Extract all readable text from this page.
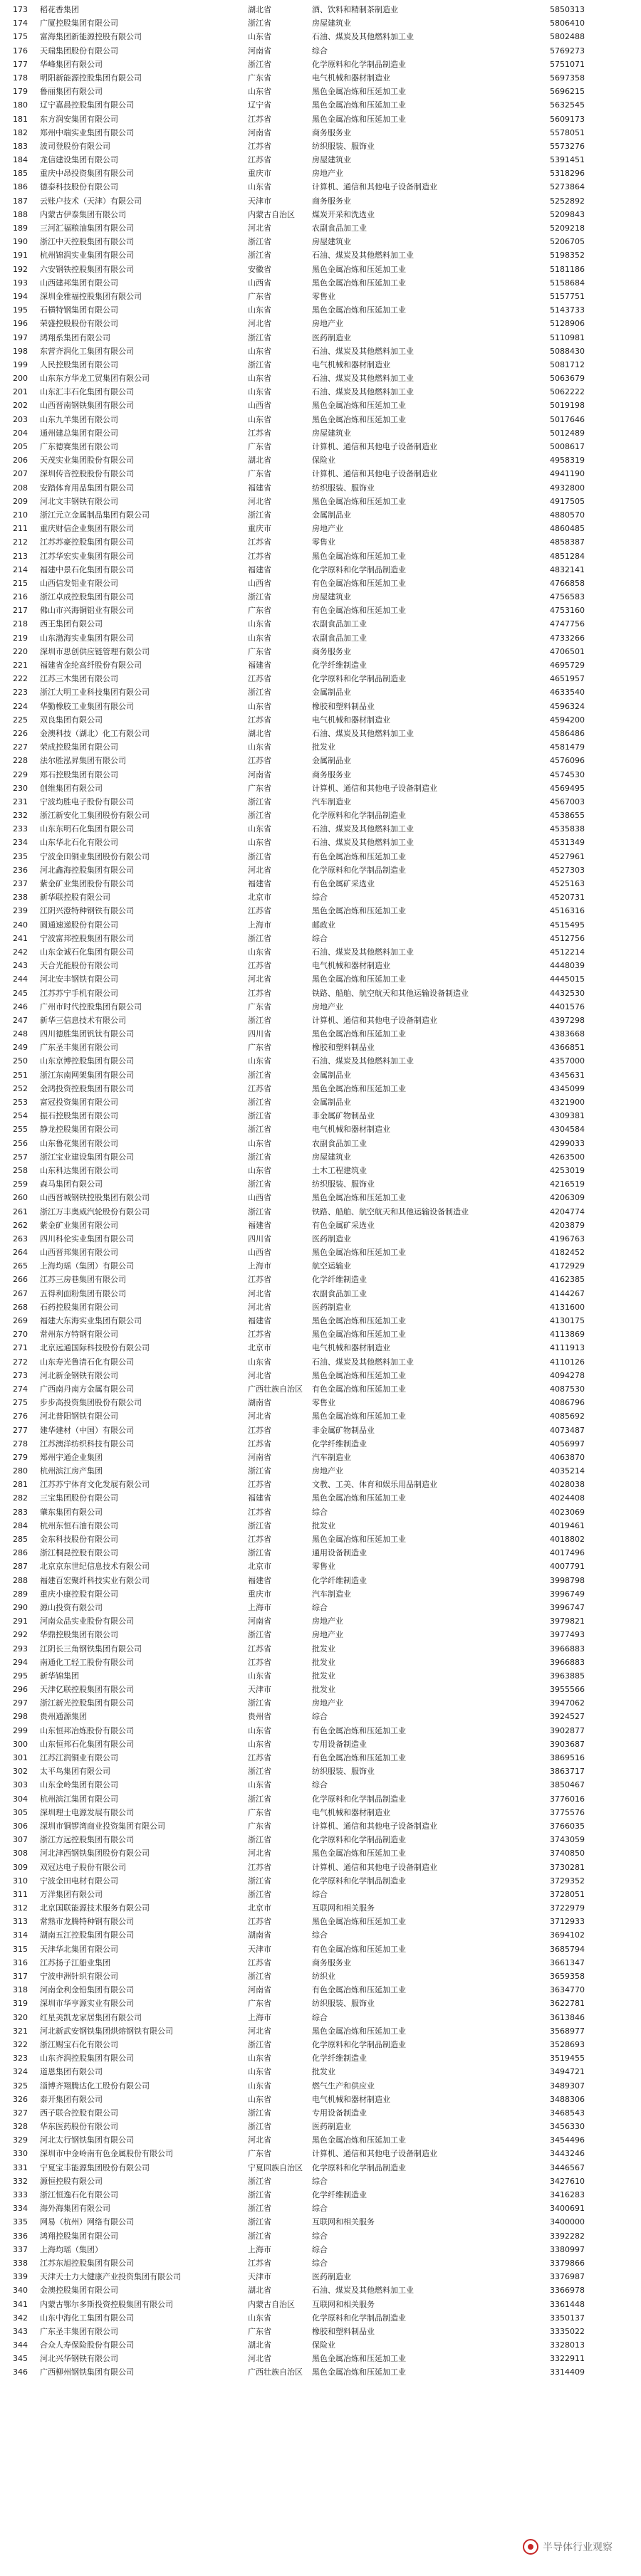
173	稻花香集团	湖北省	酒、饮料和精制茶制造业	5850313
174	广厦控股集团有限公司	浙江省	房屋建筑业	5806410
175	富海集团新能源控股有限公司	山东省	石油、煤炭及其他燃料加工业	5802488
176	天瑞集团股份有限公司	河南省	综合	5769273
177	华峰集团有限公司	浙江省	化学原料和化学制品制造业	5751071
178	明阳新能源控股集团有限公司	广东省	电气机械和器材制造业	5697358
179	鲁丽集团有限公司	山东省	黑色金属冶炼和压延加工业	5696215
180	辽宁嘉晨控股集团有限公司	辽宁省	黑色金属冶炼和压延加工业	5632545
181	东方润安集团有限公司	江苏省	黑色金属冶炼和压延加工业	5609173
182	郑州中瑞实业集团有限公司	河南省	商务服务业	5578051
183	波司登股份有限公司	江苏省	纺织服装、服饰业	5573276
184	龙信建设集团有限公司	江苏省	房屋建筑业	5391451
185	重庆中昂投资集团有限公司	重庆市	房地产业	5318296
186	德泰科技股份有限公司	山东省	计算机、通信和其他电子设备制造业	5273864
187	云账户技术（天津）有限公司	天津市	商务服务业	5252892
188	内蒙古伊泰集团有限公司	内蒙古自治区	煤炭开采和洗选业	5209843
189	三河汇福粮油集团有限公司	河北省	农副食品加工业	5209218
190	浙江中天控股集团有限公司	浙江省	房屋建筑业	5206705
191	杭州锦润实业集团有限公司	浙江省	石油、煤炭及其他燃料加工业	5198352
192	六安钢铁控股集团有限公司	安徽省	黑色金属冶炼和压延加工业	5181186
193	山西建邦集团有限公司	山西省	黑色金属冶炼和压延加工业	5158684
194	深圳金雅福控股集团有限公司	广东省	零售业	5157751
195	石横特钢集团有限公司	山东省	黑色金属冶炼和压延加工业	5143733
196	荣盛控股股份有限公司	河北省	房地产业	5128906
197	鸿翔系集团有限公司	浙江省	医药制造业	5110981
198	东营齐润化工集团有限公司	山东省	石油、煤炭及其他燃料加工业	5088430
199	人民控股集团有限公司	浙江省	电气机械和器材制造业	5081712
200	山东东方华龙工贸集团有限公司	山东省	石油、煤炭及其他燃料加工业	5063679
201	山东汇丰石化集团有限公司	山东省	石油、煤炭及其他燃料加工业	5062222
202	山西晋南钢铁集团有限公司	山西省	黑色金属冶炼和压延加工业	5019198
203	山东九羊集团有限公司	山东省	黑色金属冶炼和压延加工业	5017646
204	通州建总集团有限公司	江苏省	房屋建筑业	5012489
205	广东德赛集团有限公司	广东省	计算机、通信和其他电子设备制造业	5008617
206	天茂实业集团股份有限公司	湖北省	保险业	4958319
207	深圳传音控股股份有限公司	广东省	计算机、通信和其他电子设备制造业	4941190
208	安踏体育用品集团有限公司	福建省	纺织服装、服饰业	4932800
209	河北文丰钢铁有限公司	河北省	黑色金属冶炼和压延加工业	4917505
210	浙江元立金属制品集团有限公司	浙江省	金属制品业	4880570
211	重庆财信企业集团有限公司	重庆市	房地产业	4860485
212	江苏苏豪控股集团有限公司	江苏省	零售业	4858387
213	江苏华宏实业集团有限公司	江苏省	黑色金属冶炼和压延加工业	4851284
214	福建中景石化集团有限公司	福建省	化学原料和化学制品制造业	4832141
215	山西信发铝业有限公司	山西省	有色金属冶炼和压延加工业	4766858
216	浙江卓成控股集团有限公司	浙江省	房屋建筑业	4756583
217	佛山市兴海铜铝业有限公司	广东省	有色金属冶炼和压延加工业	4753160
218	西王集团有限公司	山东省	农副食品加工业	4747756
219	山东渤海实业集团有限公司	山东省	农副食品加工业	4733266
220	深圳市思创供应链管理有限公司	广东省	商务服务业	4706501
221	福建省金纶高纤股份有限公司	福建省	化学纤维制造业	4695729
222	江苏三木集团有限公司	江苏省	化学原料和化学制品制造业	4651957
223	浙江大明工业科技集团有限公司	浙江省	金属制品业	4633540
224	华勤橡胶工业集团有限公司	山东省	橡胶和塑料制品业	4596324
225	双良集团有限公司	江苏省	电气机械和器材制造业	4594200
226	金澳科技（湖北）化工有限公司	湖北省	石油、煤炭及其他燃料加工业	4586486
227	荣成控股集团有限公司	山东省	批发业	4581479
228	法尔胜泓昇集团有限公司	江苏省	金属制品业	4576096
229	郑石控股集团有限公司	河南省	商务服务业	4574530
230	创维集团有限公司	广东省	计算机、通信和其他电子设备制造业	4569495
231	宁波均胜电子股份有限公司	浙江省	汽车制造业	4567003
232	浙江新安化工集团股份有限公司	浙江省	化学原料和化学制品制造业	4538655
233	山东东明石化集团有限公司	山东省	石油、煤炭及其他燃料加工业	4535838
234	山东华北石化有限公司	山东省	石油、煤炭及其他燃料加工业	4531349
235	宁波金田铜业集团股份有限公司	浙江省	有色金属冶炼和压延加工业	4527961
236	河北鑫海控股集团有限公司	河北省	化学原料和化学制品制造业	4527303
237	紫金矿业集团股份有限公司	福建省	有色金属矿采选业	4525163
238	新华联控股有限公司	北京市	综合	4520731
239	江阴兴澄特种钢铁有限公司	江苏省	黑色金属冶炼和压延加工业	4516316
240	圆通速递股份有限公司	上海市	邮政业	4515495
241	宁波富邦控股集团有限公司	浙江省	综合	4512756
242	山东金诚石化集团有限公司	山东省	石油、煤炭及其他燃料加工业	4512214
243	天合光能股份有限公司	江苏省	电气机械和器材制造业	4448039
244	河北安丰钢铁有限公司	河北省	黑色金属冶炼和压延加工业	4445015
245	江苏苏宁手机有限公司	江苏省	铁路、船舶、航空航天和其他运输设备制造业	4432530
246	广州市时代控股集团有限公司	广东省	房地产业	4401576
247	新华三信息技术有限公司	浙江省	计算机、通信和其他电子设备制造业	4397298
248	四川德胜集团钒钛有限公司	四川省	黑色金属冶炼和压延加工业	4383668
249	广东圣丰集团有限公司	广东省	橡胶和塑料制品业	4366851
250	山东京博控股集团有限公司	山东省	石油、煤炭及其他燃料加工业	4357000
251	浙江东南网架集团有限公司	浙江省	金属制品业	4345631
252	金鸿投资控股集团有限公司	江苏省	黑色金属冶炼和压延加工业	4345099
253	富冠投资集团有限公司	浙江省	金属制品业	4321900
254	振石控股集团有限公司	浙江省	非金属矿物制品业	4309381
255	静龙控股集团有限公司	浙江省	电气机械和器材制造业	4304584
256	山东鲁花集团有限公司	山东省	农副食品加工业	4299033
257	浙江宝业建设集团有限公司	浙江省	房屋建筑业	4263500
258	山东科达集团有限公司	山东省	土木工程建筑业	4253019
259	森马集团有限公司	浙江省	纺织服装、服饰业	4216519
260	山西晋城钢铁控股集团有限公司	山西省	黑色金属冶炼和压延加工业	4206309
261	浙江万丰奥威汽轮股份有限公司	浙江省	铁路、船舶、航空航天和其他运输设备制造业	4204774
262	紫金矿业集团有限公司	福建省	有色金属矿采选业	4203879
263	四川科伦实业集团有限公司	四川省	医药制造业	4196763
264	山西晋邦集团有限公司	山西省	黑色金属冶炼和压延加工业	4182452
265	上海均瑶（集团）有限公司	上海市	航空运输业	4172929
266	江苏三房巷集团有限公司	江苏省	化学纤维制造业	4162385
267	五得利面粉集团有限公司	河北省	农副食品加工业	4144267
268	石药控股集团有限公司	河北省	医药制造业	4131600
269	福建大东海实业集团有限公司	福建省	黑色金属冶炼和压延加工业	4130175
270	常州东方特钢有限公司	江苏省	黑色金属冶炼和压延加工业	4113869
271	北京远通国际科技股份有限公司	北京市	电气机械和器材制造业	4111913
272	山东寿光鲁清石化有限公司	山东省	石油、煤炭及其他燃料加工业	4110126
273	河北新金钢铁有限公司	河北省	黑色金属冶炼和压延加工业	4094278
274	广西南丹南方金属有限公司	广西壮族自治区	有色金属冶炼和压延加工业	4087530
275	步步高投资集团股份有限公司	湖南省	零售业	4086796
276	河北普阳钢铁有限公司	河北省	黑色金属冶炼和压延加工业	4085692
277	建华建材（中国）有限公司	江苏省	非金属矿物制品业	4073487
278	江苏澳洋纺织科技有限公司	江苏省	化学纤维制造业	4056997
279	郑州宇通企业集团	河南省	汽车制造业	4063870
280	杭州滨江房产集团	浙江省	房地产业	4035214
281	江苏苏宁体育文化发展有限公司	江苏省	文教、工美、体育和娱乐用品制造业	4028038
282	三宝集团股份有限公司	福建省	黑色金属冶炼和压延加工业	4024408
283	肇东集团有限公司	江苏省	综合	4023069
284	杭州东恒石油有限公司	浙江省	批发业	4019461
285	金东科技股份有限公司	江苏省	黑色金属冶炼和压延加工业	4018802
286	浙江桐昆控股有限公司	浙江省	通用设备制造业	4017496
287	北京京东世纪信息技术有限公司	北京市	零售业	4007791
288	福建百宏聚纤科技实业有限公司	福建省	化学纤维制造业	3998798
289	重庆小康控股有限公司	重庆市	汽车制造业	3996749
290	源山投资有限公司	上海市	综合	3996747
291	河南众品实业股份有限公司	河南省	房地产业	3979821
292	华鼎控股集团有限公司	浙江省	房地产业	3977493
293	江阴长三角钢铁集团有限公司	江苏省	批发业	3966883
294	南通化工轻工股份有限公司	江苏省	批发业	3966883
295	新华锦集团	山东省	批发业	3963885
296	天津亿联控股集团有限公司	天津市	批发业	3955566
297	浙江新光控股集团有限公司	浙江省	房地产业	3947062
298	贵州通源集团	贵州省	综合	3924527
299	山东恒邦冶炼股份有限公司	山东省	有色金属冶炼和压延加工业	3902877
300	山东恒邦石化集团有限公司	山东省	专用设备制造业	3903687
301	江苏江润铜业有限公司	江苏省	有色金属冶炼和压延加工业	3869516
302	太平鸟集团有限公司	浙江省	纺织服装、服饰业	3863717
303	山东金岭集团有限公司	山东省	综合	3850467
304	杭州滨江集团有限公司	浙江省	化学原料和化学制品制造业	3776016
305	深圳理士电源发展有限公司	广东省	电气机械和器材制造业	3775576
306	深圳市铜锣湾商业投资集团有限公司	广东省	计算机、通信和其他电子设备制造业	3766035
307	浙江方远控股集团有限公司	浙江省	化学原料和化学制品制造业	3743059
308	河北津西钢铁集团股份有限公司	河北省	黑色金属冶炼和压延加工业	3740850
309	双冠达电子股份有限公司	江苏省	计算机、通信和其他电子设备制造业	3730281
310	宁波金田电材有限公司	浙江省	化学原料和化学制品制造业	3729352
311	万洋集团有限公司	浙江省	综合	3728051
312	北京国联能源技术服务有限公司	北京市	互联网和相关服务	3722979
313	常熟市龙腾特种钢有限公司	江苏省	黑色金属冶炼和压延加工业	3712933
314	湖南五江控股集团有限公司	湖南省	综合	3694102
315	天津华北集团有限公司	天津市	有色金属冶炼和压延加工业	3685794
316	江苏扬子江船业集团	江苏省	商务服务业	3661347
317	宁波申洲针织有限公司	浙江省	纺织业	3659358
318	河南金利金铅集团有限公司	河南省	有色金属冶炼和压延加工业	3634770
319	深圳市华亨源实业有限公司	广东省	纺织服装、服饰业	3622781
320	红星美凯龙家居集团有限公司	上海市	综合	3613846
321	河北新武安钢铁集团烘熔钢铁有限公司	河北省	黑色金属冶炼和压延加工业	3568977
322	浙江赐宝石化有限公司	浙江省	化学原料和化学制品制造业	3528693
323	山东齐润控股集团有限公司	山东省	化学纤维制造业	3519455
324	道恩集团有限公司	山东省	批发业	3494721
325	淄博齐翔腾达化工股份有限公司	山东省	燃气生产和供应业	3489307
326	泰开集团有限公司	山东省	电气机械和器材制造业	3488306
327	西子联合控股有限公司	浙江省	专用设备制造业	3468543
328	华东医药股份有限公司	浙江省	医药制造业	3456330
329	河北太行钢铁集团有限公司	河北省	黑色金属冶炼和压延加工业	3454496
330	深圳市中金岭南有色金属股份有限公司	广东省	计算机、通信和其他电子设备制造业	3443246
331	宁夏宝丰能源集团股份有限公司	宁夏回族自治区	化学原料和化学制品制造业	3446567
332	源恒控股有限公司	浙江省	综合	3427610
333	浙江恒逸石化有限公司	浙江省	化学纤维制造业	3416283
334	海外海集团有限公司	浙江省	综合	3400691
335	网易（杭州）网络有限公司	浙江省	互联网和相关服务	3400000
336	鸿翔控股集团有限公司	浙江省	综合	3392282
337	上海均瑶（集团）	上海市	综合	3380997
338	江苏东旭控股集团有限公司	江苏省	综合	3379866
339	天津天士力大健康产业投资集团有限公司	天津市	医药制造业	3376987
340	金澳控股集团有限公司	湖北省	石油、煤炭及其他燃料加工业	3366978
341	内蒙古鄂尔多斯投资控股集团有限公司	内蒙古自治区	互联网和相关服务	3361448
342	山东中海化工集团有限公司	山东省	化学原料和化学制品制造业	3350137
343	广东圣丰集团有限公司	广东省	橡胶和塑料制品业	3335022
344	合众人寿保险股份有限公司	湖北省	保险业	3328013
345	河北兴华钢铁有限公司	河北省	黑色金属冶炼和压延加工业	3322911
346	广西柳州钢铁集团有限公司	广西壮族自治区	黑色金属冶炼和压延加工业	3314409
半导体行业观察
